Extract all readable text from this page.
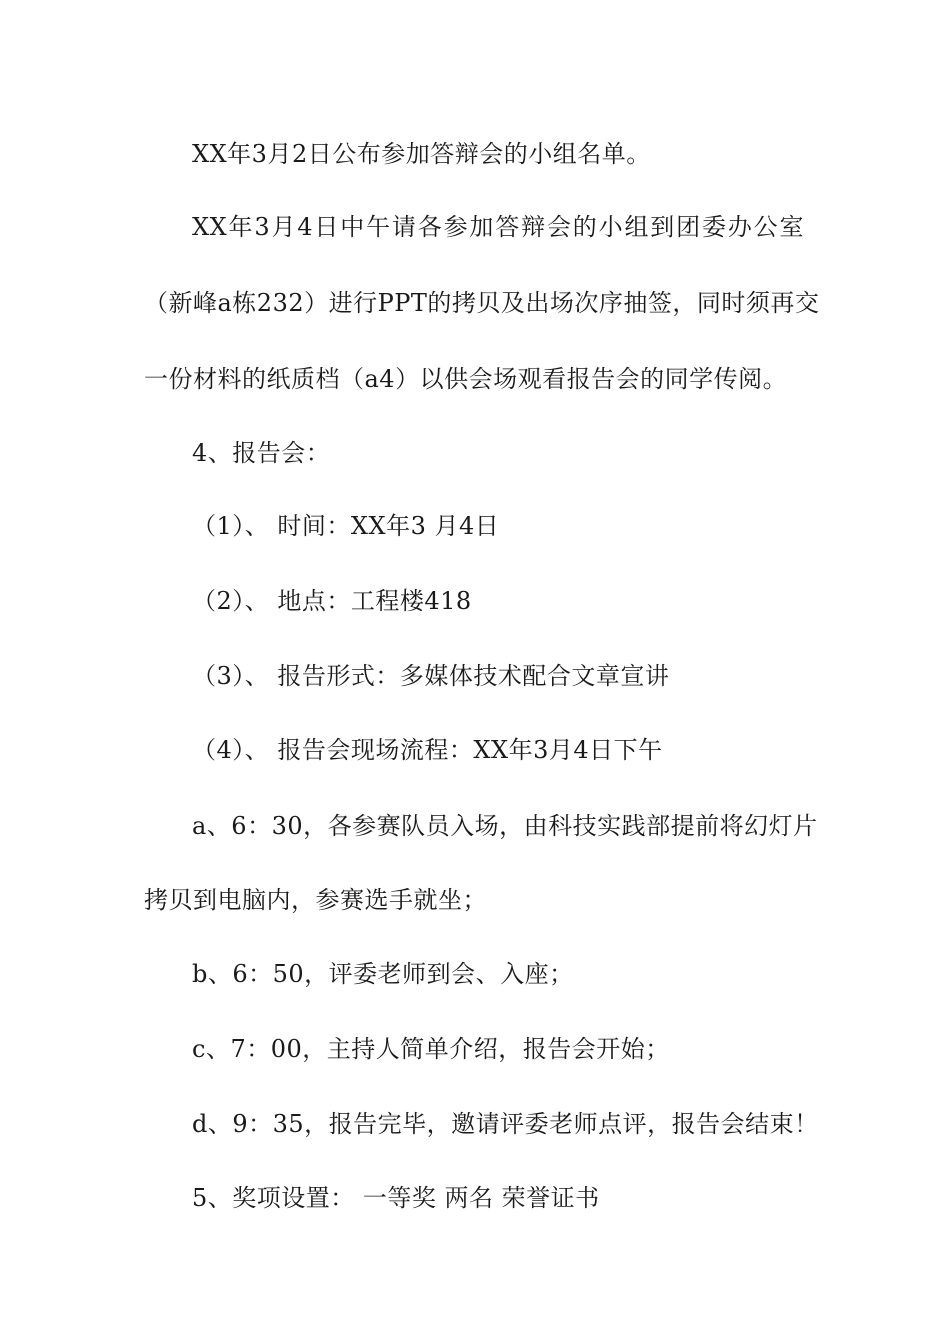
XX年3月2日公布参加答辩会的小组名单。
XX年3月4日中午请各参加答辩会的小组到团委办公室
（新峰a栋232）进行PPT的拷贝及出场次序抽签，同时须再交
一份材料的纸质档（a4）以供会场观看报告会的同学传阅。
4、报告会：
（1）、 时间：XX年3 月4日
（2）、 地点：工程楼418
（3）、 报告形式：多媒体技术配合文章宣讲
（4）、 报告会现场流程：XX年3月4日下午
a、6：30，各参赛队员入场，由科技实践部提前将幻灯片
拷贝到电脑内，参赛选手就坐；
b、6：50，评委老师到会、入座；
c、7：00，主持人简单介绍，报告会开始；
d、9：35，报告完毕，邀请评委老师点评，报告会结束！
5、奖项设置： 一等奖 两名 荣誉证书
